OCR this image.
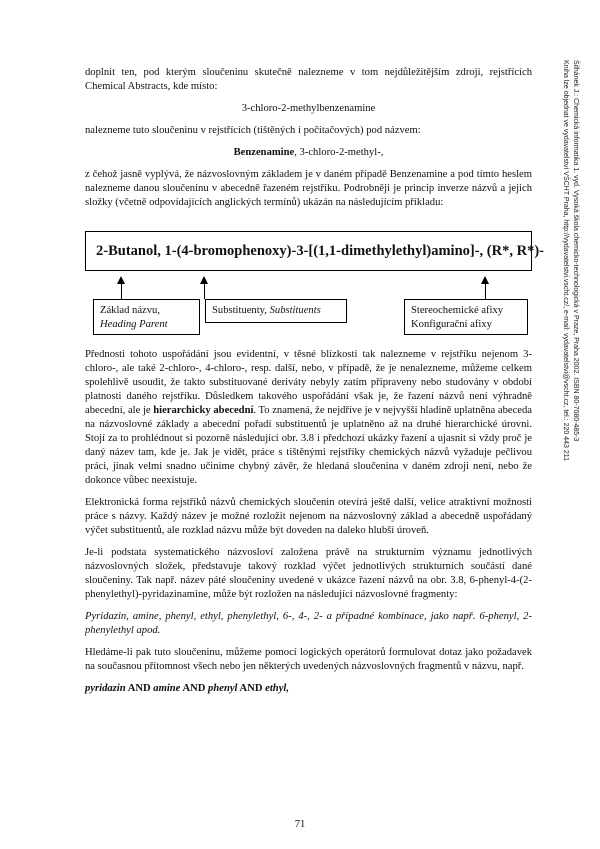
Šilhánek J.: Chemická informatika 1. vyd. Vysoká škola chemicko-technologická v Praze, Praha 2002. ISBN 80-7080-485-3
Kniha lze objednat ve vydavatelství VŠCHT Praha, http://vydavatelstvi.vscht.cz/, e-mail: vydavatelstvi@vscht.cz, tel.: 220 443 211

doplnit ten, pod kterým sloučeninu skutečně nalezneme v tom nejdůležitějším zdroji, rejstřících Chemical Abstracts, kde místo:

3-chloro-2-methylbenzenamine

nalezneme tuto sloučeninu v rejstřících (tištěných i počítačových) pod názvem:

Benzenamine, 3-chloro-2-methyl-,

z čehož jasně vyplývá, že názvoslovným základem je v daném případě Benzenamine a pod tímto heslem nalezneme danou sloučeninu v abecedně řazeném rejstříku. Podrobněji je princip inverze názvů a jejich složky (včetně odpovídajících anglických termínů) ukázán na následujícím příkladu:

2-Butanol, 1-(4-bromophenoxy)-3-[(1,1-dimethylethyl)amino]-, (R*, R*)-
Základ názvu,
Heading Parent
Substituenty, Substituents	Stereochemické afixy
Konfigurační afixy

Přednosti tohoto uspořádání jsou evidentní, v těsné blízkosti tak nalezneme v rejstříku nejenom 3-chloro-, ale také 2-chloro-, 4-chloro-, resp. další, nebo, v případě, že je nenalezneme, můžeme celkem spolehlivě usoudit, že takto substituované deriváty nebyly zatím připraveny nebo studovány v období platnosti daného rejstříku. Důsledkem takového uspořádání však je, že řazení názvů není výhradně abecední, ale je hierarchicky abecední. To znamená, že nejdříve je v nejvyšší hladině uplatněna abeceda na názvoslovné základy a abecední pořadí substituentů je uplatněno až na druhé hierarchické úrovni. Stojí za to prohlédnout si pozorně následující obr. 3.8 i předchozí ukázky řazení a ujasnit si vždy proč je daný název tam, kde je. Jak je vidět, práce s tištěnými rejstříky chemických názvů vyžaduje pečlivou práci, jinak velmi snadno učiníme chybný závěr, že hledaná sloučenina v daném zdroji není, nebo že dokonce vůbec neexistuje.

Elektronická forma rejstříků názvů chemických sloučenin otevírá ještě další, velice atraktivní možnosti práce s názvy. Každý název je možné rozložit nejenom na názvoslovný základ a abecedně uspořádaný výčet substituentů, ale rozklad názvu může být doveden na daleko hlubší úroveň.

Je-li podstata systematického názvosloví založena právě na strukturním významu jednotlivých názvoslovných složek, představuje takový rozklad výčet jednotlivých strukturních součástí dané sloučeniny. Tak např. název páté sloučeniny uvedené v ukázce řazení názvů na obr. 3.8, 6-phenyl-4-(2-phenylethyl)-pyridazinamine, může být rozložen na následující názvoslovné fragmenty:

Pyridazin, amine, phenyl, ethyl, phenylethyl, 6-, 4-, 2- a případné kombinace, jako např. 6-phenyl, 2-phenylethyl apod.

Hledáme-li pak tuto sloučeninu, můžeme pomocí logických operátorů formulovat dotaz jako požadavek na současnou přítomnost všech nebo jen některých uvedených názvoslovných fragmentů v názvu, např.

pyridazin AND amine AND phenyl AND ethyl,

71
